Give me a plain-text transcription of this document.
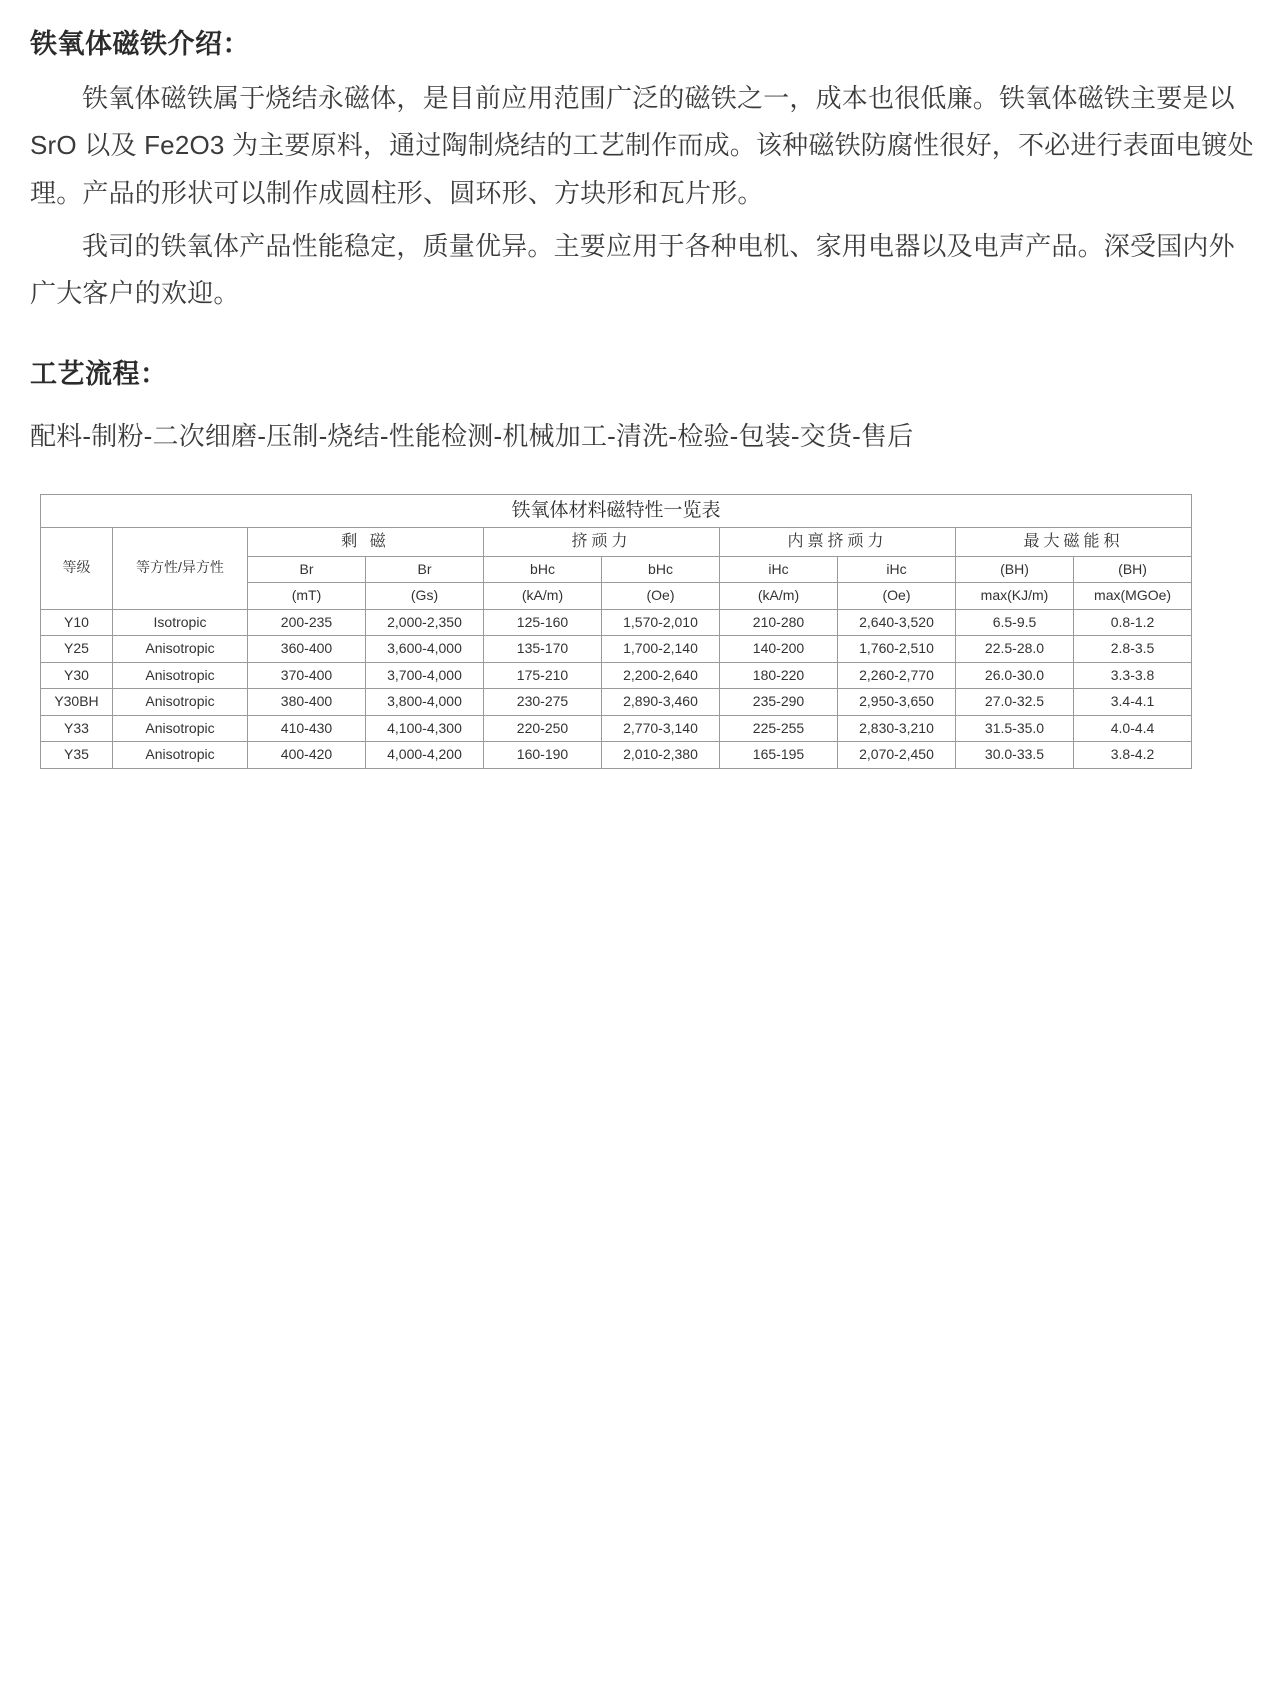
铁氧体磁铁介绍：

铁氧体磁铁属于烧结永磁体，是目前应用范围广泛的磁铁之一，成本也很低廉。铁氧体磁铁主要是以 SrO 以及 Fe2O3 为主要原料，通过陶制烧结的工艺制作而成。该种磁铁防腐性很好，不必进行表面电镀处理。产品的形状可以制作成圆柱形、圆环形、方块形和瓦片形。

我司的铁氧体产品性能稳定，质量优异。主要应用于各种电机、家用电器以及电声产品。深受国内外广大客户的欢迎。

工艺流程：

配料-制粉-二次细磨-压制-烧结-性能检测-机械加工-清洗-检验-包装-交货-售后

铁氧体材料磁特性一览表									
等级	等方性/异方性	剩 磁		挤顽力		内禀挤顽力		最大磁能积	
		Br	Br	bHc	bHc	iHc	iHc	(BH)	(BH)
		(mT)	(Gs)	(kA/m)	(Oe)	(kA/m)	(Oe)	max(KJ/m)	max(MGOe)
Y10	Isotropic	200-235	2,000-2,350	125-160	1,570-2,010	210-280	2,640-3,520	6.5-9.5	0.8-1.2
Y25	Anisotropic	360-400	3,600-4,000	135-170	1,700-2,140	140-200	1,760-2,510	22.5-28.0	2.8-3.5
Y30	Anisotropic	370-400	3,700-4,000	175-210	2,200-2,640	180-220	2,260-2,770	26.0-30.0	3.3-3.8
Y30BH	Anisotropic	380-400	3,800-4,000	230-275	2,890-3,460	235-290	2,950-3,650	27.0-32.5	3.4-4.1
Y33	Anisotropic	410-430	4,100-4,300	220-250	2,770-3,140	225-255	2,830-3,210	31.5-35.0	4.0-4.4
Y35	Anisotropic	400-420	4,000-4,200	160-190	2,010-2,380	165-195	2,070-2,450	30.0-33.5	3.8-4.2
